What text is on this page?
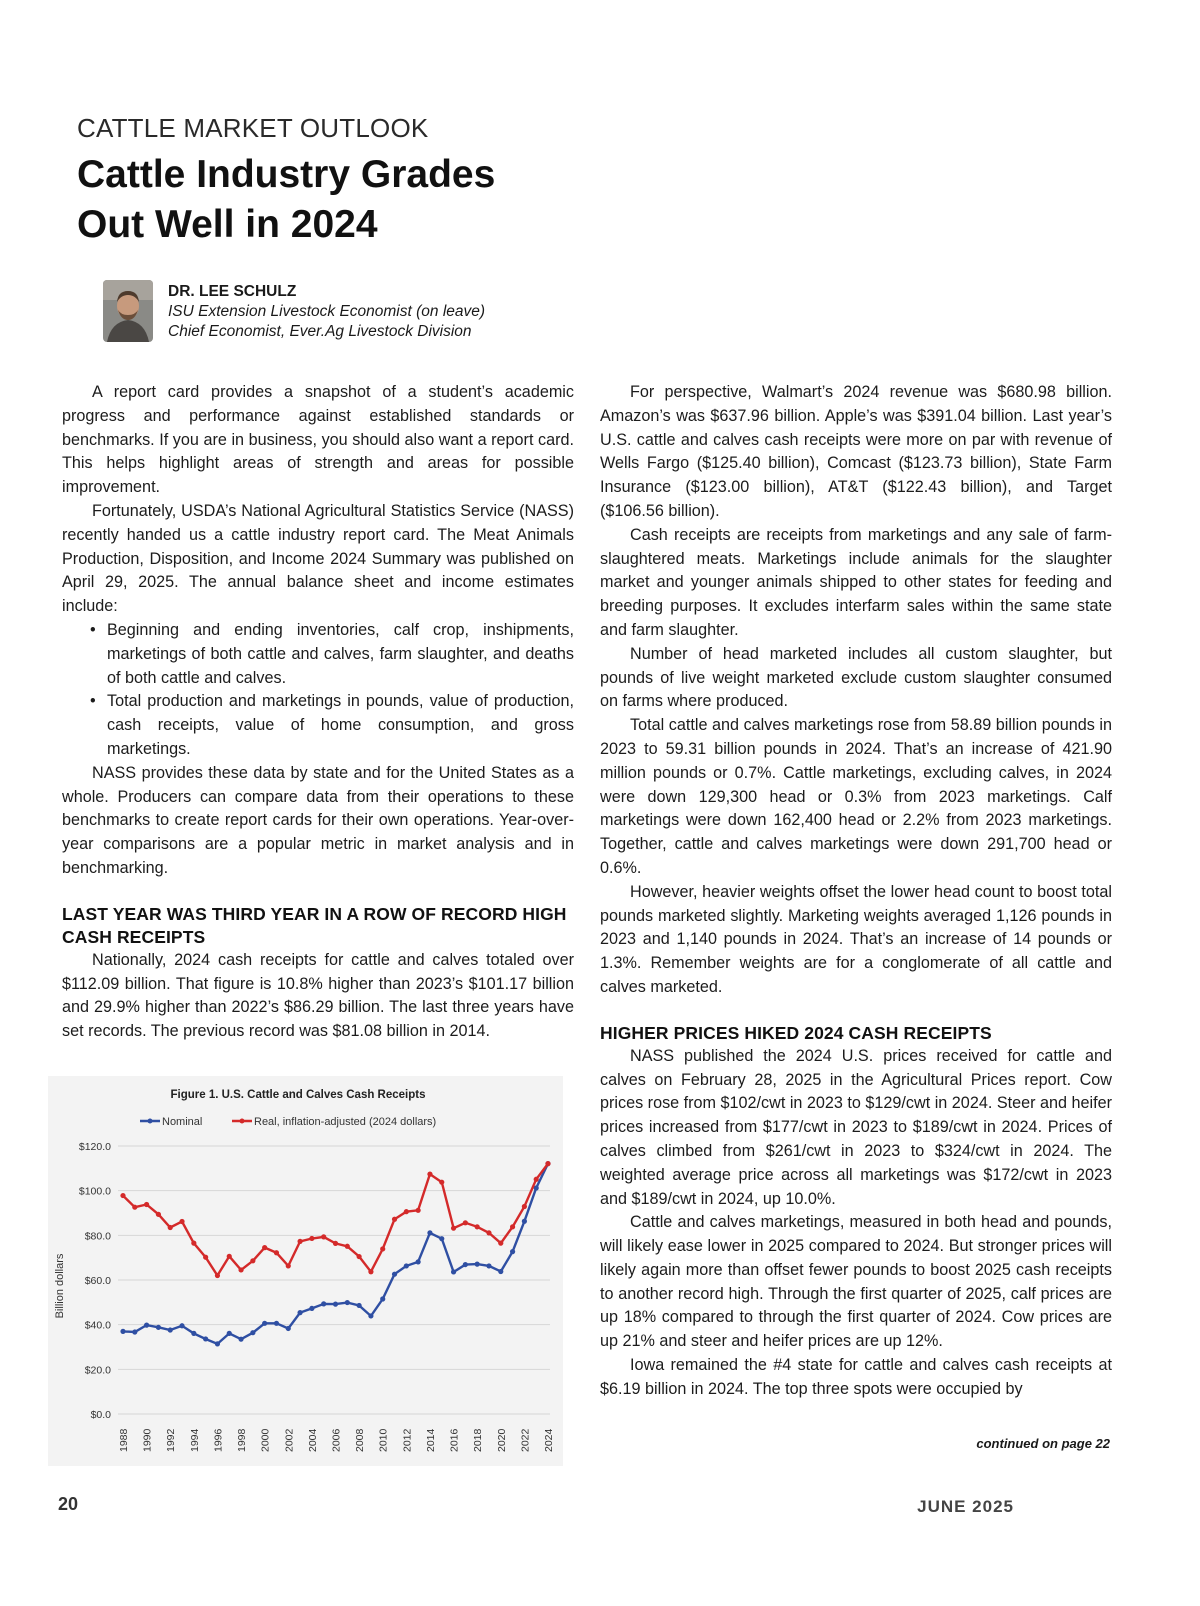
CATTLE MARKET OUTLOOK
Cattle Industry Grades
Out Well in 2024
DR. LEE SCHULZ
ISU Extension Livestock Economist (on leave)
Chief Economist, Ever.Ag Livestock Division

A report card provides a snapshot of a student’s academic progress and performance against established standards or benchmarks. If you are in business, you should also want a report card. This helps highlight areas of strength and areas for possible improvement.

Fortunately, USDA’s National Agricultural Statistics Service (NASS) recently handed us a cattle industry report card. The Meat Animals Production, Disposition, and Income 2024 Summary was published on April 29, 2025. The annual balance sheet and income estimates include:

• Beginning and ending inventories, calf crop, inshipments, marketings of both cattle and calves, farm slaughter, and deaths of both cattle and calves.
• Total production and marketings in pounds, value of production, cash receipts, value of home consumption, and gross marketings.

NASS provides these data by state and for the United States as a whole. Producers can compare data from their operations to these benchmarks to create report cards for their own operations. Year-over-year comparisons are a popular metric in market analysis and in benchmarking.

LAST YEAR WAS THIRD YEAR IN A ROW OF RECORD HIGH CASH RECEIPTS

Nationally, 2024 cash receipts for cattle and calves totaled over $112.09 billion. That figure is 10.8% higher than 2023’s $101.17 billion and 29.9% higher than 2022’s $86.29 billion. The last three years have set records. The previous record was $81.08 billion in 2014.

For perspective, Walmart’s 2024 revenue was $680.98 billion. Amazon’s was $637.96 billion. Apple’s was $391.04 billion. Last year’s U.S. cattle and calves cash receipts were more on par with revenue of Wells Fargo ($125.40 billion), Comcast ($123.73 billion), State Farm Insurance ($123.00 billion), AT&T ($122.43 billion), and Target ($106.56 billion).

Cash receipts are receipts from marketings and any sale of farm-slaughtered meats. Marketings include animals for the slaughter market and younger animals shipped to other states for feeding and breeding purposes. It excludes interfarm sales within the same state and farm slaughter.

Number of head marketed includes all custom slaughter, but pounds of live weight marketed exclude custom slaughter consumed on farms where produced.

Total cattle and calves marketings rose from 58.89 billion pounds in 2023 to 59.31 billion pounds in 2024. That’s an increase of 421.90 million pounds or 0.7%. Cattle marketings, excluding calves, in 2024 were down 129,300 head or 0.3% from 2023 marketings. Calf marketings were down 162,400 head or 2.2% from 2023 marketings. Together, cattle and calves marketings were down 291,700 head or 0.6%.

However, heavier weights offset the lower head count to boost total pounds marketed slightly. Marketing weights averaged 1,126 pounds in 2023 and 1,140 pounds in 2024. That’s an increase of 14 pounds or 1.3%. Remember weights are for a conglomerate of all cattle and calves marketed.

HIGHER PRICES HIKED 2024 CASH RECEIPTS

NASS published the 2024 U.S. prices received for cattle and calves on February 28, 2025 in the Agricultural Prices report. Cow prices rose from $102/cwt in 2023 to $129/cwt in 2024. Steer and heifer prices increased from $177/cwt in 2023 to $189/cwt in 2024. Prices of calves climbed from $261/cwt in 2023 to $324/cwt in 2024. The weighted average price across all marketings was $172/cwt in 2023 and $189/cwt in 2024, up 10.0%.

Cattle and calves marketings, measured in both head and pounds, will likely ease lower in 2025 compared to 2024. But stronger prices will likely again more than offset fewer pounds to boost 2025 cash receipts to another record high. Through the first quarter of 2025, calf prices are up 18% compared to through the first quarter of 2024. Cow prices are up 21% and steer and heifer prices are up 12%.

Iowa remained the #4 state for cattle and calves cash receipts at $6.19 billion in 2024. The top three spots were occupied by

Figure 1. U.S. Cattle and Calves Cash Receipts
Nominal	Real, inflation-adjusted (2024 dollars)
Billion dollars
$0.0
$20.0
$40.0
$60.0
$80.0
$100.0
$120.0
1988 1990 1992 1994 1996 1998 2000 2002 2004 2006 2008 2010 2012 2014 2016 2018 2020 2022 2024	continued on page 22
20	JUNE 2025
